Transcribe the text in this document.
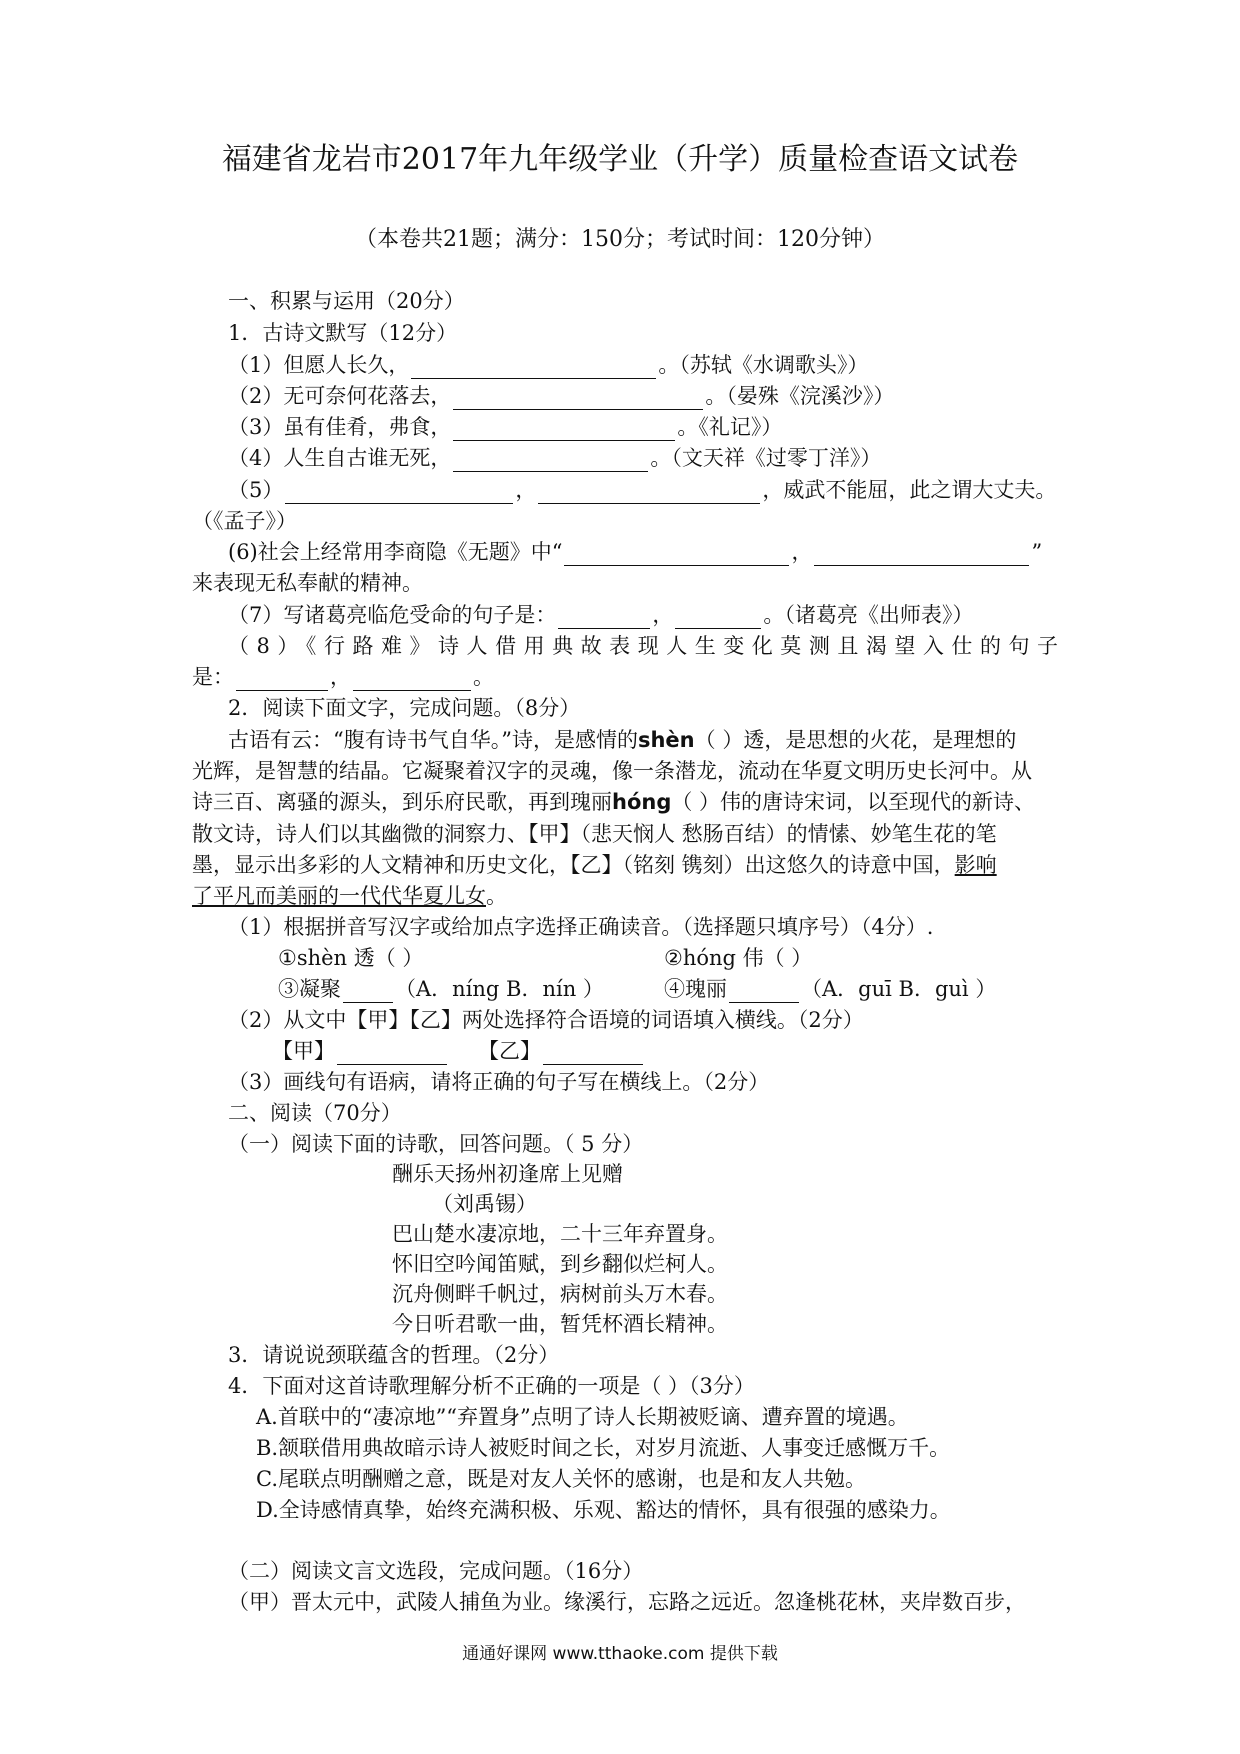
福建省龙岩市2017年九年级学业（升学）质量检查语文试卷
（本卷共21题；满分：150分；考试时间：120分钟）
一、积累与运用（20分）
1．古诗文默写（12分）
（1）但愿人长久，	。（苏轼《水调歌头》）
（2）无可奈何花落去，	。（晏殊《浣溪沙》）
（3）虽有佳肴，弗食，	。《礼记》）
（4）人生自古谁无死，	。（文天祥《过零丁洋》）
（5）	，	，威武不能屈，此之谓大丈夫。
（《孟子》）
(6)社会上经常用李商隐《无题》中“	，	”
来表现无私奉献的精神。
（7）写诸葛亮临危受命的句子是：	，	。（诸葛亮《出师表》）
（8）《行路难》诗人借用典故表现人生变化莫测且渴望入仕的句子
是：	，	。
2．阅读下面文字，完成问题。（8分）
古语有云：“腹有诗书气自华。”诗，是感情的shèn（ ）透，是思想的火花，是理想的
光辉，是智慧的结晶。它凝聚着汉字的灵魂，像一条潜龙，流动在华夏文明历史长河中。从
诗三百、离骚的源头，到乐府民歌，再到瑰丽hóng（ ）伟的唐诗宋词，以至现代的新诗、
散文诗，诗人们以其幽微的洞察力、【甲】（悲天悯人 愁肠百结）的情愫、妙笔生花的笔
墨，显示出多彩的人文精神和历史文化，【乙】（铭刻 镌刻）出这悠久的诗意中国，影响
了平凡而美丽的一代代华夏儿女。
（1）根据拼音写汉字或给加点字选择正确读音。（选择题只填序号）（4分）.
①shèn 透（ ）	②hóng 伟（ ）
③凝聚	（A．níng B．nín ）	④瑰丽	（A．guī B．guì ）
（2）从文中【甲】【乙】两处选择符合语境的词语填入横线。（2分）
【甲】	【乙】
（3）画线句有语病，请将正确的句子写在横线上。（2分）
二、阅读（70分）
（一）阅读下面的诗歌，回答问题。（ 5 分）
酬乐天扬州初逢席上见赠
（刘禹锡）
巴山楚水凄凉地，二十三年弃置身。
怀旧空吟闻笛赋，到乡翻似烂柯人。
沉舟侧畔千帆过，病树前头万木春。
今日听君歌一曲，暂凭杯酒长精神。
3．请说说颈联蕴含的哲理。（2分）
4．下面对这首诗歌理解分析不正确的一项是（ ）（3分）
A.首联中的“凄凉地”“弃置身”点明了诗人长期被贬谪、遭弃置的境遇。
B.颔联借用典故暗示诗人被贬时间之长，对岁月流逝、人事变迁感慨万千。
C.尾联点明酬赠之意，既是对友人关怀的感谢，也是和友人共勉。
D.全诗感情真挚，始终充满积极、乐观、豁达的情怀，具有很强的感染力。
（二）阅读文言文选段，完成问题。（16分）
（甲）晋太元中，武陵人捕鱼为业。缘溪行，忘路之远近。忽逢桃花林，夹岸数百步，
通通好课网 www.tthaoke.com 提供下载
